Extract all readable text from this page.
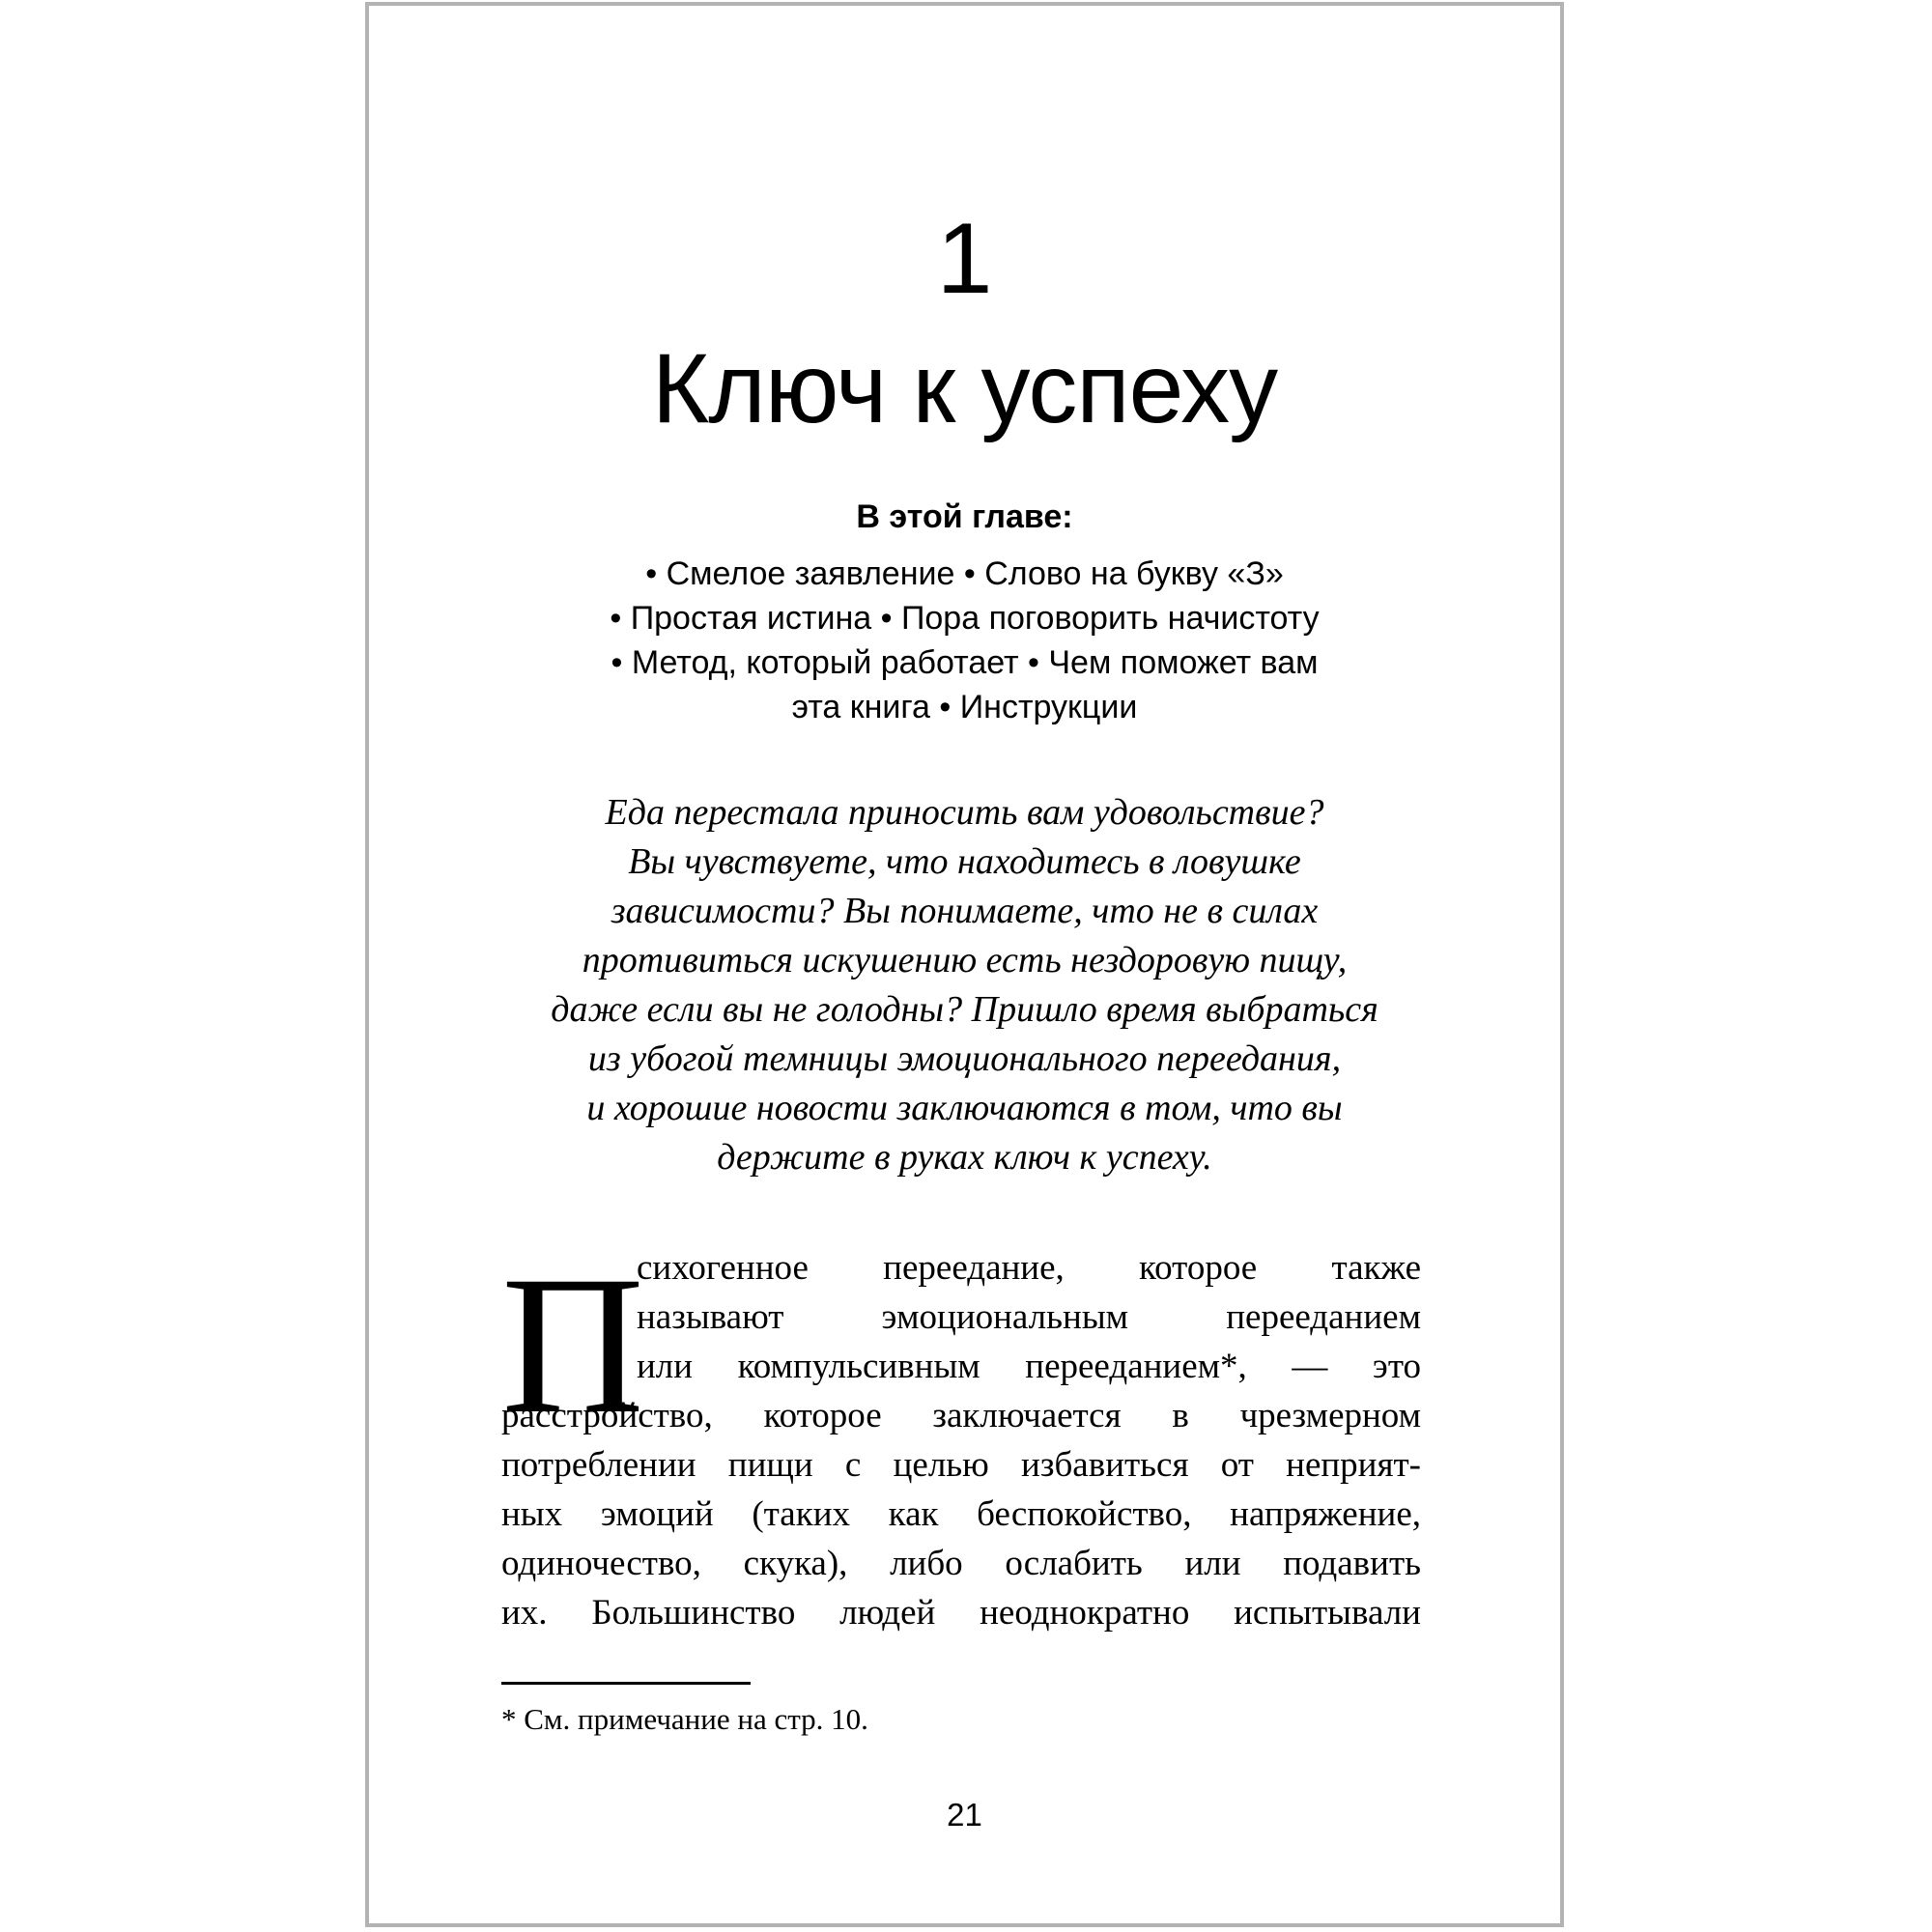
1
Ключ к успеху
В этой главе:
• Смелое заявление • Слово на букву «З»
• Простая истина • Пора поговорить начистоту
• Метод, который работает • Чем поможет вам
эта книга • Инструкции
Еда перестала приносить вам удовольствие?
Вы чувствуете, что находитесь в ловушке
зависимости? Вы понимаете, что не в силах
противиться искушению есть нездоровую пищу,
даже если вы не голодны? Пришло время выбраться
из убогой темницы эмоционального переедания,
и хорошие новости заключаются в том, что вы
держите в руках ключ к успеху.
П
сихогенное переедание, которое также
называют эмоциональным перееданием
или компульсивным перееданием*, — это
расстройство, которое заключается в чрезмерном
потреблении пищи с целью избавиться от неприят-
ных эмоций (таких как беспокойство, напряжение,
одиночество, скука), либо ослабить или подавить
их. Большинство людей неоднократно испытывали
* См. примечание на стр. 10.
21
